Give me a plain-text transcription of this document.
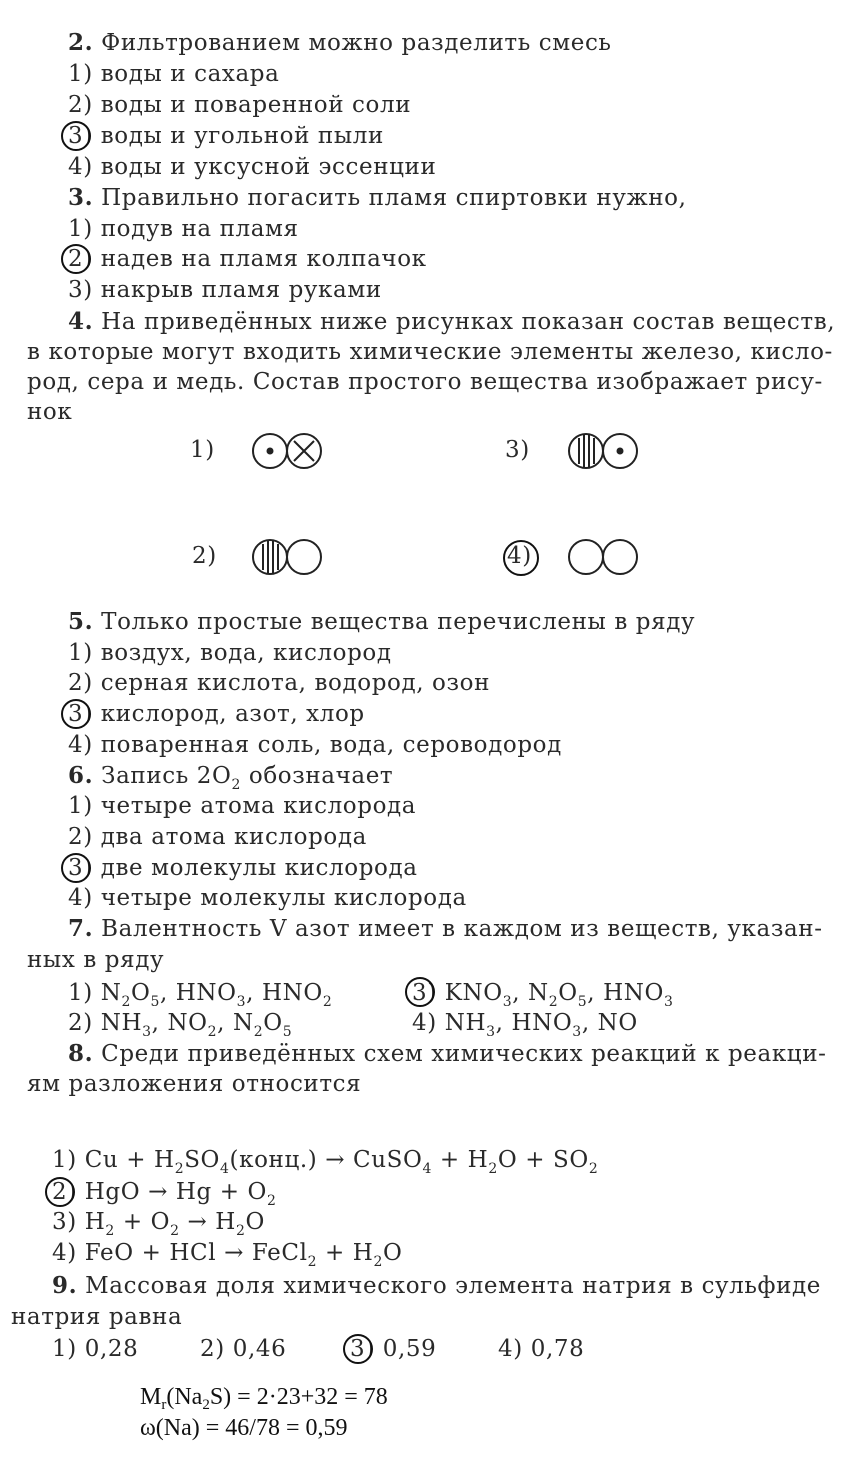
2. Фильтрованием можно разделить смесь
1) воды и сахара
2) воды и поваренной соли
3) воды и угольной пыли
4) воды и уксусной эссенции
3. Правильно погасить пламя спиртовки нужно,
1) подув на пламя
2) надев на пламя колпачок
3) накрыв пламя руками
4. На приведённых ниже рисунках показан состав веществ,
в которые могут входить химические элементы железо, кисло-
род, сера и медь. Состав простого вещества изображает рису-
нок
1)	3)
2)	4)
5. Только простые вещества перечислены в ряду
1) воздух, вода, кислород
2) серная кислота, водород, озон
3) кислород, азот, хлор
4) поваренная соль, вода, сероводород
6. Запись $2O_2$ обозначает
1) четыре атома кислорода
2) два атома кислорода
3) две молекулы кислорода
4) четыре молекулы кислорода
7. Валентность V азот имеет в каждом из веществ, указан-
ных в ряду
1) $N_2O_5$, $HNO_3$, $HNO_2$	3) $KNO_3$, $N_2O_5$, $HNO_3$
2) $NH_3$, $NO_2$, $N_2O_5$	4) $NH_3$, $HNO_3$, NO
8. Среди приведённых схем химических реакций к реакци-
ям разложения относится
1) $Cu + H_2SO_4(конц.)$ → CuSO$_4$ + $H_2O + SO_2$
2) HgO → $Hg + O_2$
3) $H_2 + O_2 \to H_2O$
4) FeO + HCl → FeCl$_2$ + $H_2O$
9. Массовая доля химического элемента натрия в сульфиде
натрия равна
1) 0,28	2) 0,46	3) 0,59	4) 0,78
$M_r(Na_2S) = 2\cdot 23+32 = 78$
ω(Na) = 46/78 = 0,59
